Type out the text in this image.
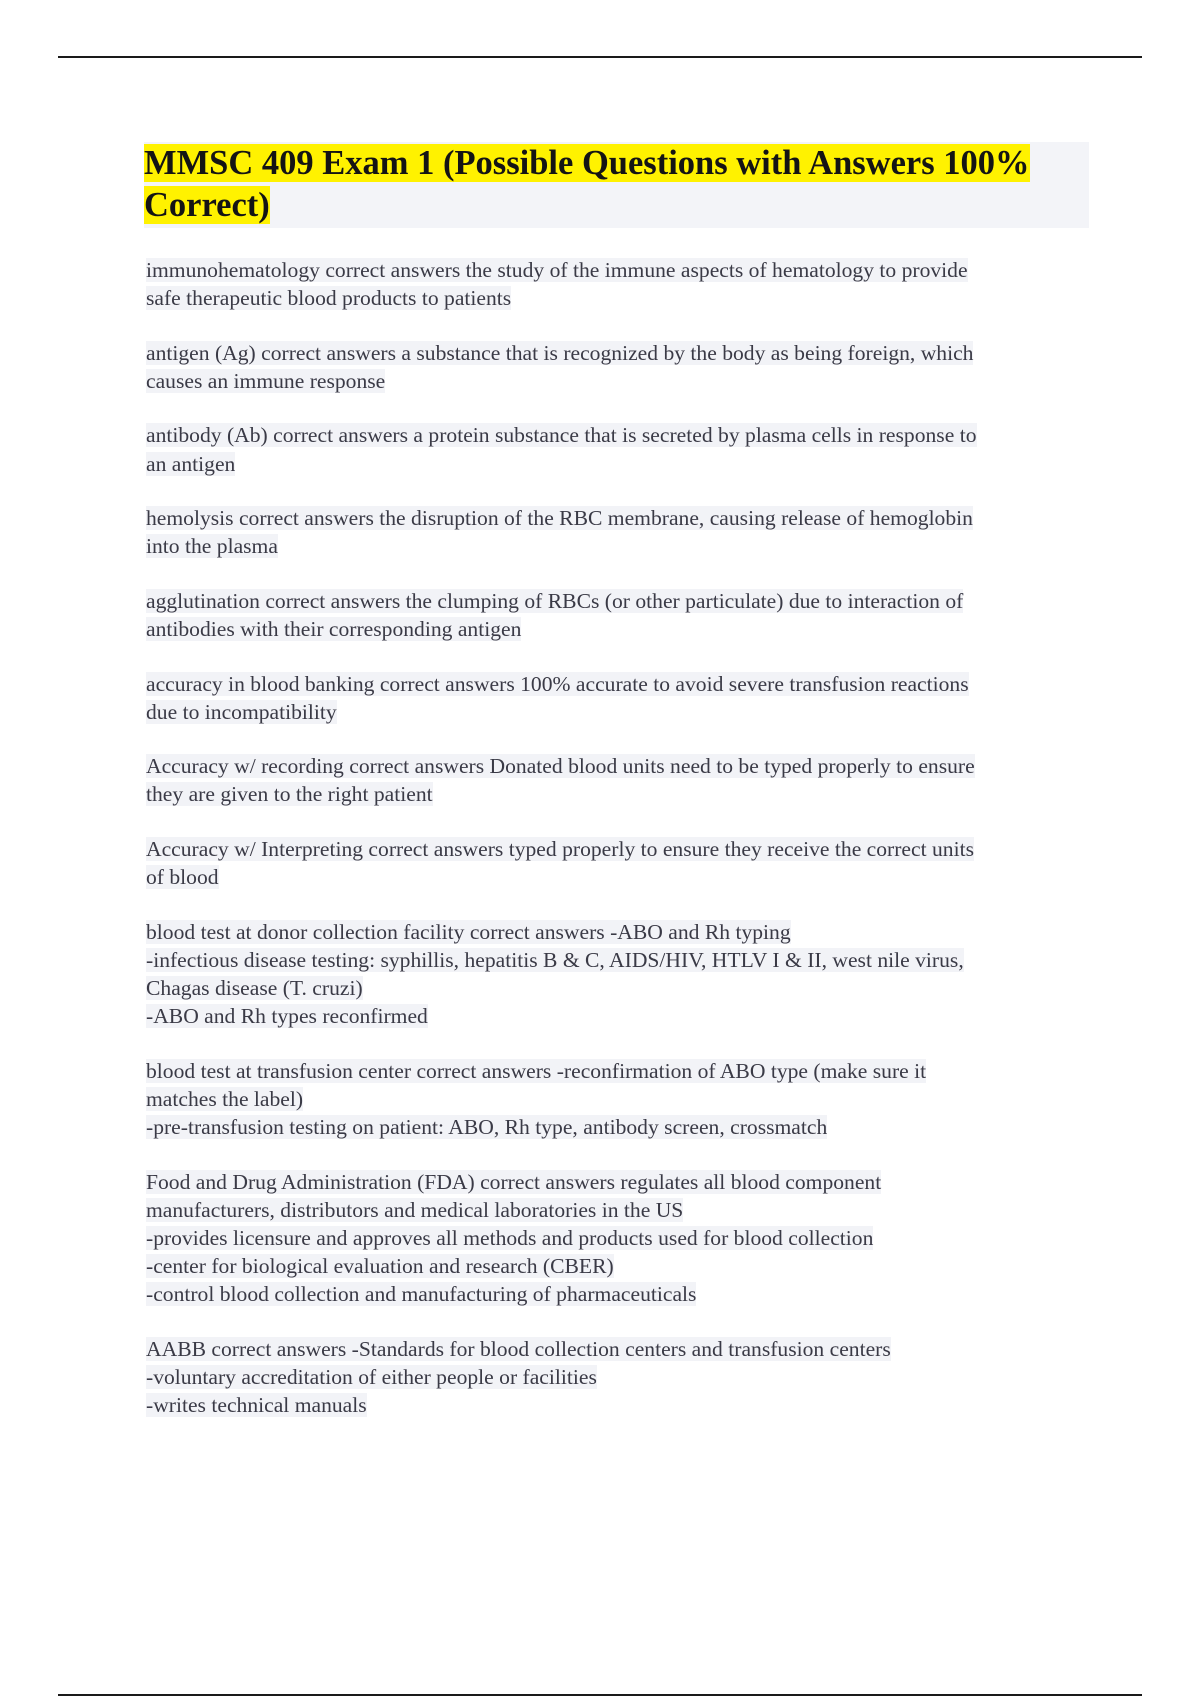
MMSC 409 Exam 1 (Possible Questions with Answers 100%
Correct)
immunohematology correct answers the study of the immune aspects of hematology to provide
safe therapeutic blood products to patients
antigen (Ag) correct answers a substance that is recognized by the body as being foreign, which
causes an immune response
antibody (Ab) correct answers a protein substance that is secreted by plasma cells in response to
an antigen
hemolysis correct answers the disruption of the RBC membrane, causing release of hemoglobin
into the plasma
agglutination correct answers the clumping of RBCs (or other particulate) due to interaction of
antibodies with their corresponding antigen
accuracy in blood banking correct answers 100% accurate to avoid severe transfusion reactions
due to incompatibility
Accuracy w/ recording correct answers Donated blood units need to be typed properly to ensure
they are given to the right patient
Accuracy w/ Interpreting correct answers typed properly to ensure they receive the correct units
of blood
blood test at donor collection facility correct answers -ABO and Rh typing
-infectious disease testing: syphillis, hepatitis B & C, AIDS/HIV, HTLV I & II, west nile virus,
Chagas disease (T. cruzi)
-ABO and Rh types reconfirmed
blood test at transfusion center correct answers -reconfirmation of ABO type (make sure it
matches the label)
-pre-transfusion testing on patient: ABO, Rh type, antibody screen, crossmatch
Food and Drug Administration (FDA) correct answers regulates all blood component
manufacturers, distributors and medical laboratories in the US
-provides licensure and approves all methods and products used for blood collection
-center for biological evaluation and research (CBER)
-control blood collection and manufacturing of pharmaceuticals
AABB correct answers -Standards for blood collection centers and transfusion centers
-voluntary accreditation of either people or facilities
-writes technical manuals
